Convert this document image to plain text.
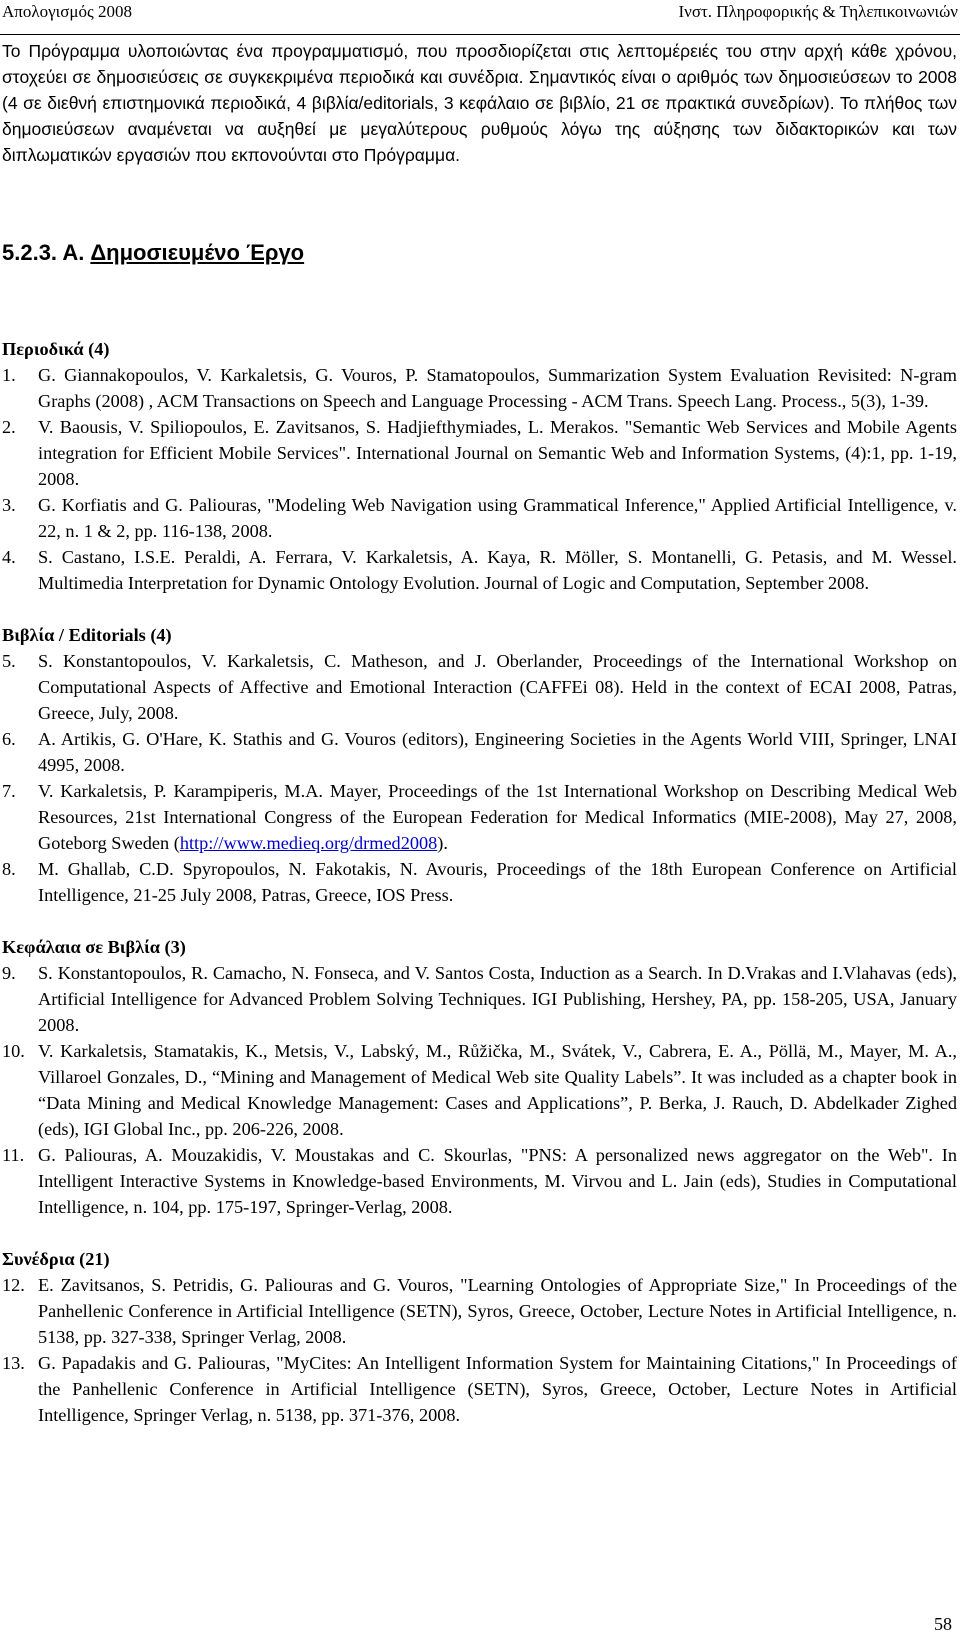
Απολογισμός 2008	Ινστ. Πληροφορικής & Τηλεπικοινωνιών

Το Πρόγραμμα υλοποιώντας ένα προγραμματισμό, που προσδιορίζεται στις λεπτομέρειές του στην αρχή κάθε χρόνου, στοχεύει σε δημοσιεύσεις σε συγκεκριμένα περιοδικά και συνέδρια. Σημαντικός είναι ο αριθμός των δημοσιεύσεων το 2008 (4 σε διεθνή επιστημονικά περιοδικά, 4 βιβλία/editorials, 3 κεφάλαιο σε βιβλίο, 21 σε πρακτικά συνεδρίων). Το πλήθος των δημοσιεύσεων αναμένεται να αυξηθεί με μεγαλύτερους ρυθμούς λόγω της αύξησης των διδακτορικών και των διπλωματικών εργασιών που εκπονούνται στο Πρόγραμμα.

5.2.3. Α. Δημοσιευμένο Έργο
Περιοδικά (4)
1.	G. Giannakopoulos, V. Karkaletsis, G. Vouros, P. Stamatopoulos, Summarization System Evaluation Revisited: N-gram Graphs (2008) , ACM Transactions on Speech and Language Processing - ACM Trans. Speech Lang. Process., 5(3), 1-39.
2.	V. Baousis, V. Spiliopoulos, E. Zavitsanos, S. Hadjiefthymiades, L. Merakos. "Semantic Web Services and Mobile Agents integration for Efficient Mobile Services". International Journal on Semantic Web and Information Systems, (4):1, pp. 1-19, 2008.
3.	G. Korfiatis and G. Paliouras, "Modeling Web Navigation using Grammatical Inference," Applied Artificial Intelligence, v. 22, n. 1 & 2, pp. 116-138, 2008.
4.	S. Castano, I.S.E. Peraldi, A. Ferrara, V. Karkaletsis, A. Kaya, R. Möller, S. Montanelli, G. Petasis, and M. Wessel. Multimedia Interpretation for Dynamic Ontology Evolution. Journal of Logic and Computation, September 2008.
Βιβλία / Editorials (4)
5.	S. Konstantopoulos, V. Karkaletsis, C. Matheson, and J. Oberlander, Proceedings of the International Workshop on Computational Aspects of Affective and Emotional Interaction (CAFFEi 08). Held in the context of ECAI 2008, Patras, Greece, July, 2008.
6.	A. Artikis, G. O'Hare, K. Stathis and G. Vouros (editors), Engineering Societies in the Agents World VIII, Springer, LNAI 4995, 2008.
7.	V. Karkaletsis, P. Karampiperis, M.A. Mayer, Proceedings of the 1st International Workshop on Describing Medical Web Resources, 21st International Congress of the European Federation for Medical Informatics (MIE-2008), May 27, 2008, Goteborg Sweden (http://www.medieq.org/drmed2008).
8.	M. Ghallab, C.D. Spyropoulos, N. Fakotakis, N. Avouris, Proceedings of the 18th European Conference on Artificial Intelligence, 21-25 July 2008, Patras, Greece, IOS Press.
Κεφάλαια σε Βιβλία (3)
9.	S. Konstantopoulos, R. Camacho, N. Fonseca, and V. Santos Costa, Induction as a Search. In D.Vrakas and I.Vlahavas (eds), Artificial Intelligence for Advanced Problem Solving Techniques. IGI Publishing, Hershey, PA, pp. 158-205, USA, January 2008.
10. V. Karkaletsis, Stamatakis, K., Metsis, V., Labský, M., Růžička, M., Svátek, V., Cabrera, E. A., Pöllä, M., Mayer, M. A., Villaroel Gonzales, D., “Mining and Management of Medical Web site Quality Labels”. It was included as a chapter book in “Data Mining and Medical Knowledge Management: Cases and Applications”, P. Berka, J. Rauch, D. Abdelkader Zighed (eds), IGI Global Inc., pp. 206-226, 2008.
11. G. Paliouras, A. Mouzakidis, V. Moustakas and C. Skourlas, "PNS: A personalized news aggregator on the Web". In Intelligent Interactive Systems in Knowledge-based Environments, M. Virvou and L. Jain (eds), Studies in Computational Intelligence, n. 104, pp. 175-197, Springer-Verlag, 2008.
Συνέδρια (21)
12. E. Zavitsanos, S. Petridis, G. Paliouras and G. Vouros, "Learning Ontologies of Appropriate Size," In Proceedings of the Panhellenic Conference in Artificial Intelligence (SETN), Syros, Greece, October, Lecture Notes in Artificial Intelligence, n. 5138, pp. 327-338, Springer Verlag, 2008.
13. G. Papadakis and G. Paliouras, "MyCites: An Intelligent Information System for Maintaining Citations," In Proceedings of the Panhellenic Conference in Artificial Intelligence (SETN), Syros, Greece, October, Lecture Notes in Artificial Intelligence, Springer Verlag, n. 5138, pp. 371-376, 2008.
58
